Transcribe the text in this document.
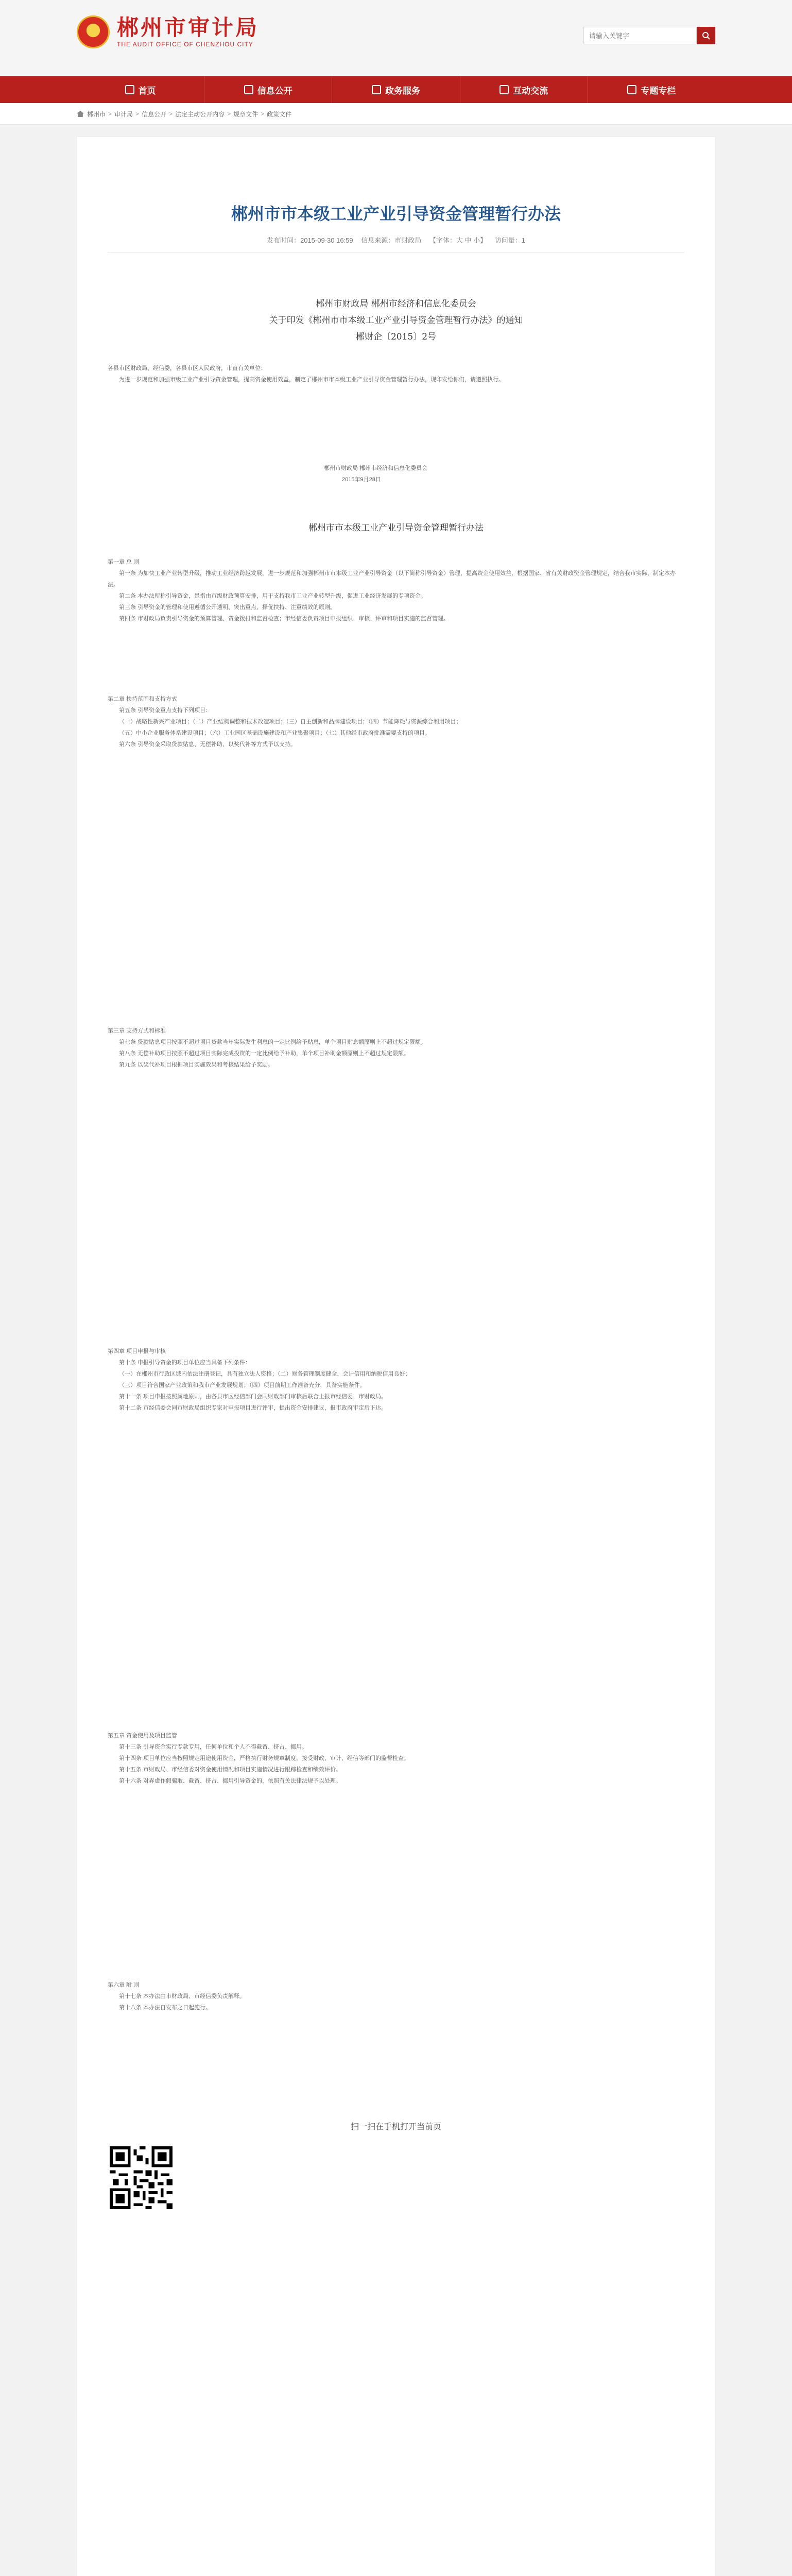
★
郴州市审计局
THE AUDIT OFFICE OF CHENZHOU CITY
请输入关键字
首页	信息公开	政务服务	互动交流	专题专栏
郴州市 > 审计局 > 信息公开 > 法定主动公开内容 > 规章文件 > 政策文件
郴州市市本级工业产业引导资金管理暂行办法
发布时间：2015-09-30 16:59 信息来源：市财政局 【字体：大 中 小】 访问量：1
郴州市财政局 郴州市经济和信息化委员会
关于印发《郴州市市本级工业产业引导资金管理暂行办法》的通知
郴财企〔2015〕2号
各县市区财政局、经信委，各县市区人民政府，市直有关单位：
为进一步规范和加强市级工业产业引导资金管理，提高资金使用效益，制定了郴州市市本级工业产业引导资金管理暂行办法，现印发给你们，请遵照执行。
郴州市财政局 郴州市经济和信息化委员会
2015年9月28日
郴州市市本级工业产业引导资金管理暂行办法
第一章 总 则
第一条 为加快工业产业转型升级，推动工业经济跨越发展，进一步规范和加强郴州市市本级工业产业引导资金（以下简称引导资金）管理，提高资金使用效益，根据国家、省有关财政资金管理规定，结合我市实际，制定本办法。
第二条 本办法所称引导资金，是指由市级财政预算安排，用于支持我市工业产业转型升级，促进工业经济发展的专项资金。
第三条 引导资金的管理和使用遵循公开透明、突出重点、择优扶持、注重绩效的原则。
第四条 市财政局负责引导资金的预算管理、资金拨付和监督检查；市经信委负责项目申报组织、审核、评审和项目实施的监督管理。
第二章 扶持范围和支持方式
第五条 引导资金重点支持下列项目：
（一）战略性新兴产业项目；（二）产业结构调整和技术改造项目；（三）自主创新和品牌建设项目；（四）节能降耗与资源综合利用项目；
（五）中小企业服务体系建设项目；（六）工业园区基础设施建设和产业集聚项目；（七）其他经市政府批准需要支持的项目。
第六条 引导资金采取贷款贴息、无偿补助、以奖代补等方式予以支持。
第三章 支持方式和标准
第七条 贷款贴息项目按照不超过项目贷款当年实际发生利息的一定比例给予贴息，单个项目贴息额原则上不超过规定限额。
第八条 无偿补助项目按照不超过项目实际完成投资的一定比例给予补助，单个项目补助金额原则上不超过规定限额。
第九条 以奖代补项目根据项目实施效果和考核结果给予奖励。
第四章 项目申报与审核
第十条 申报引导资金的项目单位应当具备下列条件：
（一）在郴州市行政区域内依法注册登记，具有独立法人资格；（二）财务管理制度健全，会计信用和纳税信用良好；
（三）项目符合国家产业政策和我市产业发展规划；（四）项目前期工作准备充分，具备实施条件。
第十一条 项目申报按照属地原则，由各县市区经信部门会同财政部门审核后联合上报市经信委、市财政局。
第十二条 市经信委会同市财政局组织专家对申报项目进行评审，提出资金安排建议，报市政府审定后下达。
第五章 资金使用及项目监管
第十三条 引导资金实行专款专用，任何单位和个人不得截留、挤占、挪用。
第十四条 项目单位应当按照规定用途使用资金，严格执行财务规章制度，接受财政、审计、经信等部门的监督检查。
第十五条 市财政局、市经信委对资金使用情况和项目实施情况进行跟踪检查和绩效评价。
第十六条 对弄虚作假骗取、截留、挤占、挪用引导资金的，依照有关法律法规予以处理。
第六章 附 则
第十七条 本办法由市财政局、市经信委负责解释。
第十八条 本办法自发布之日起施行。
扫一扫在手机打开当前页
